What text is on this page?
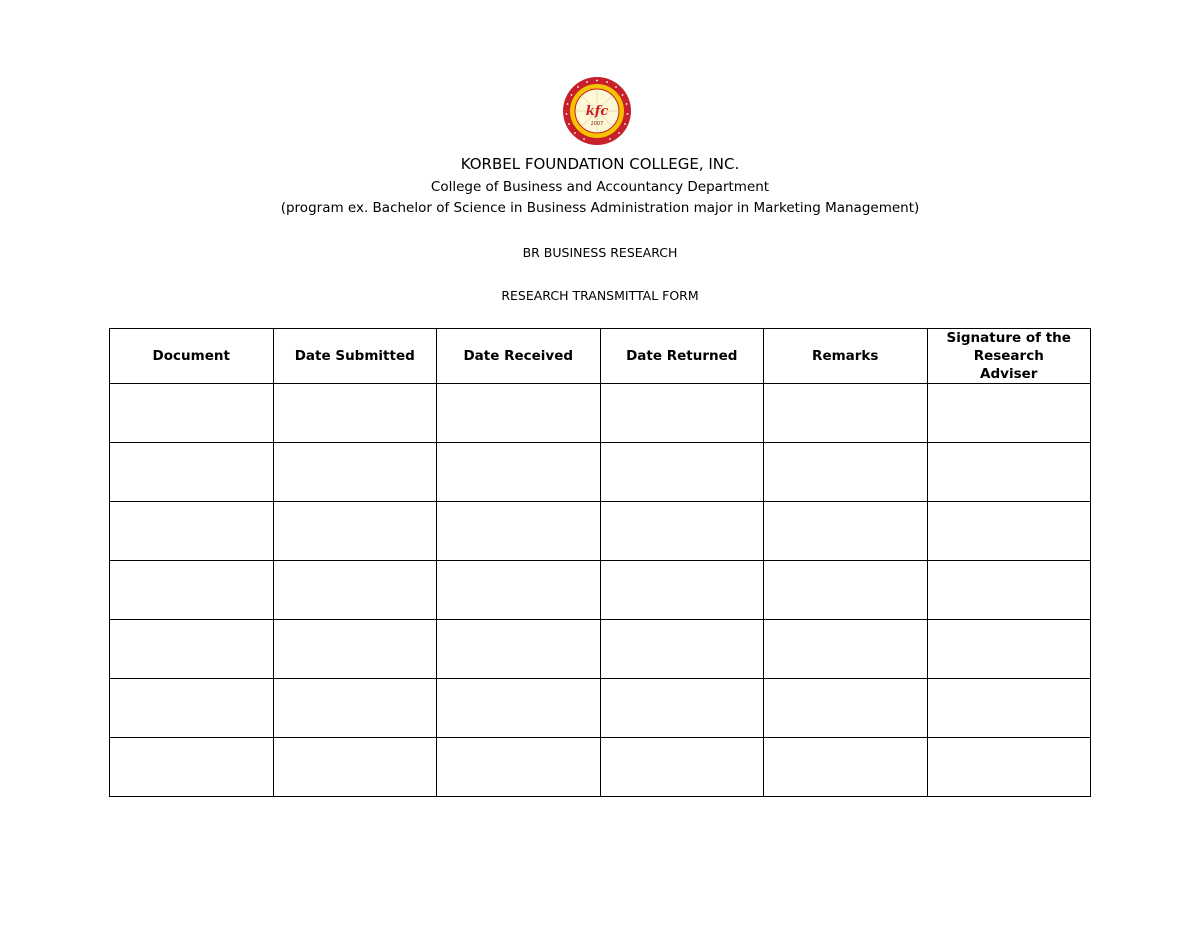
kfc
2007
KORBEL FOUNDATION COLLEGE, INC.
College of Business and Accountancy Department
(program ex. Bachelor of Science in Business Administration major in Marketing Management)
BR BUSINESS RESEARCH
RESEARCH TRANSMITTAL FORM
Document	Date Submitted	Date Received	Date Returned	Remarks	Signature of the Research Adviser
